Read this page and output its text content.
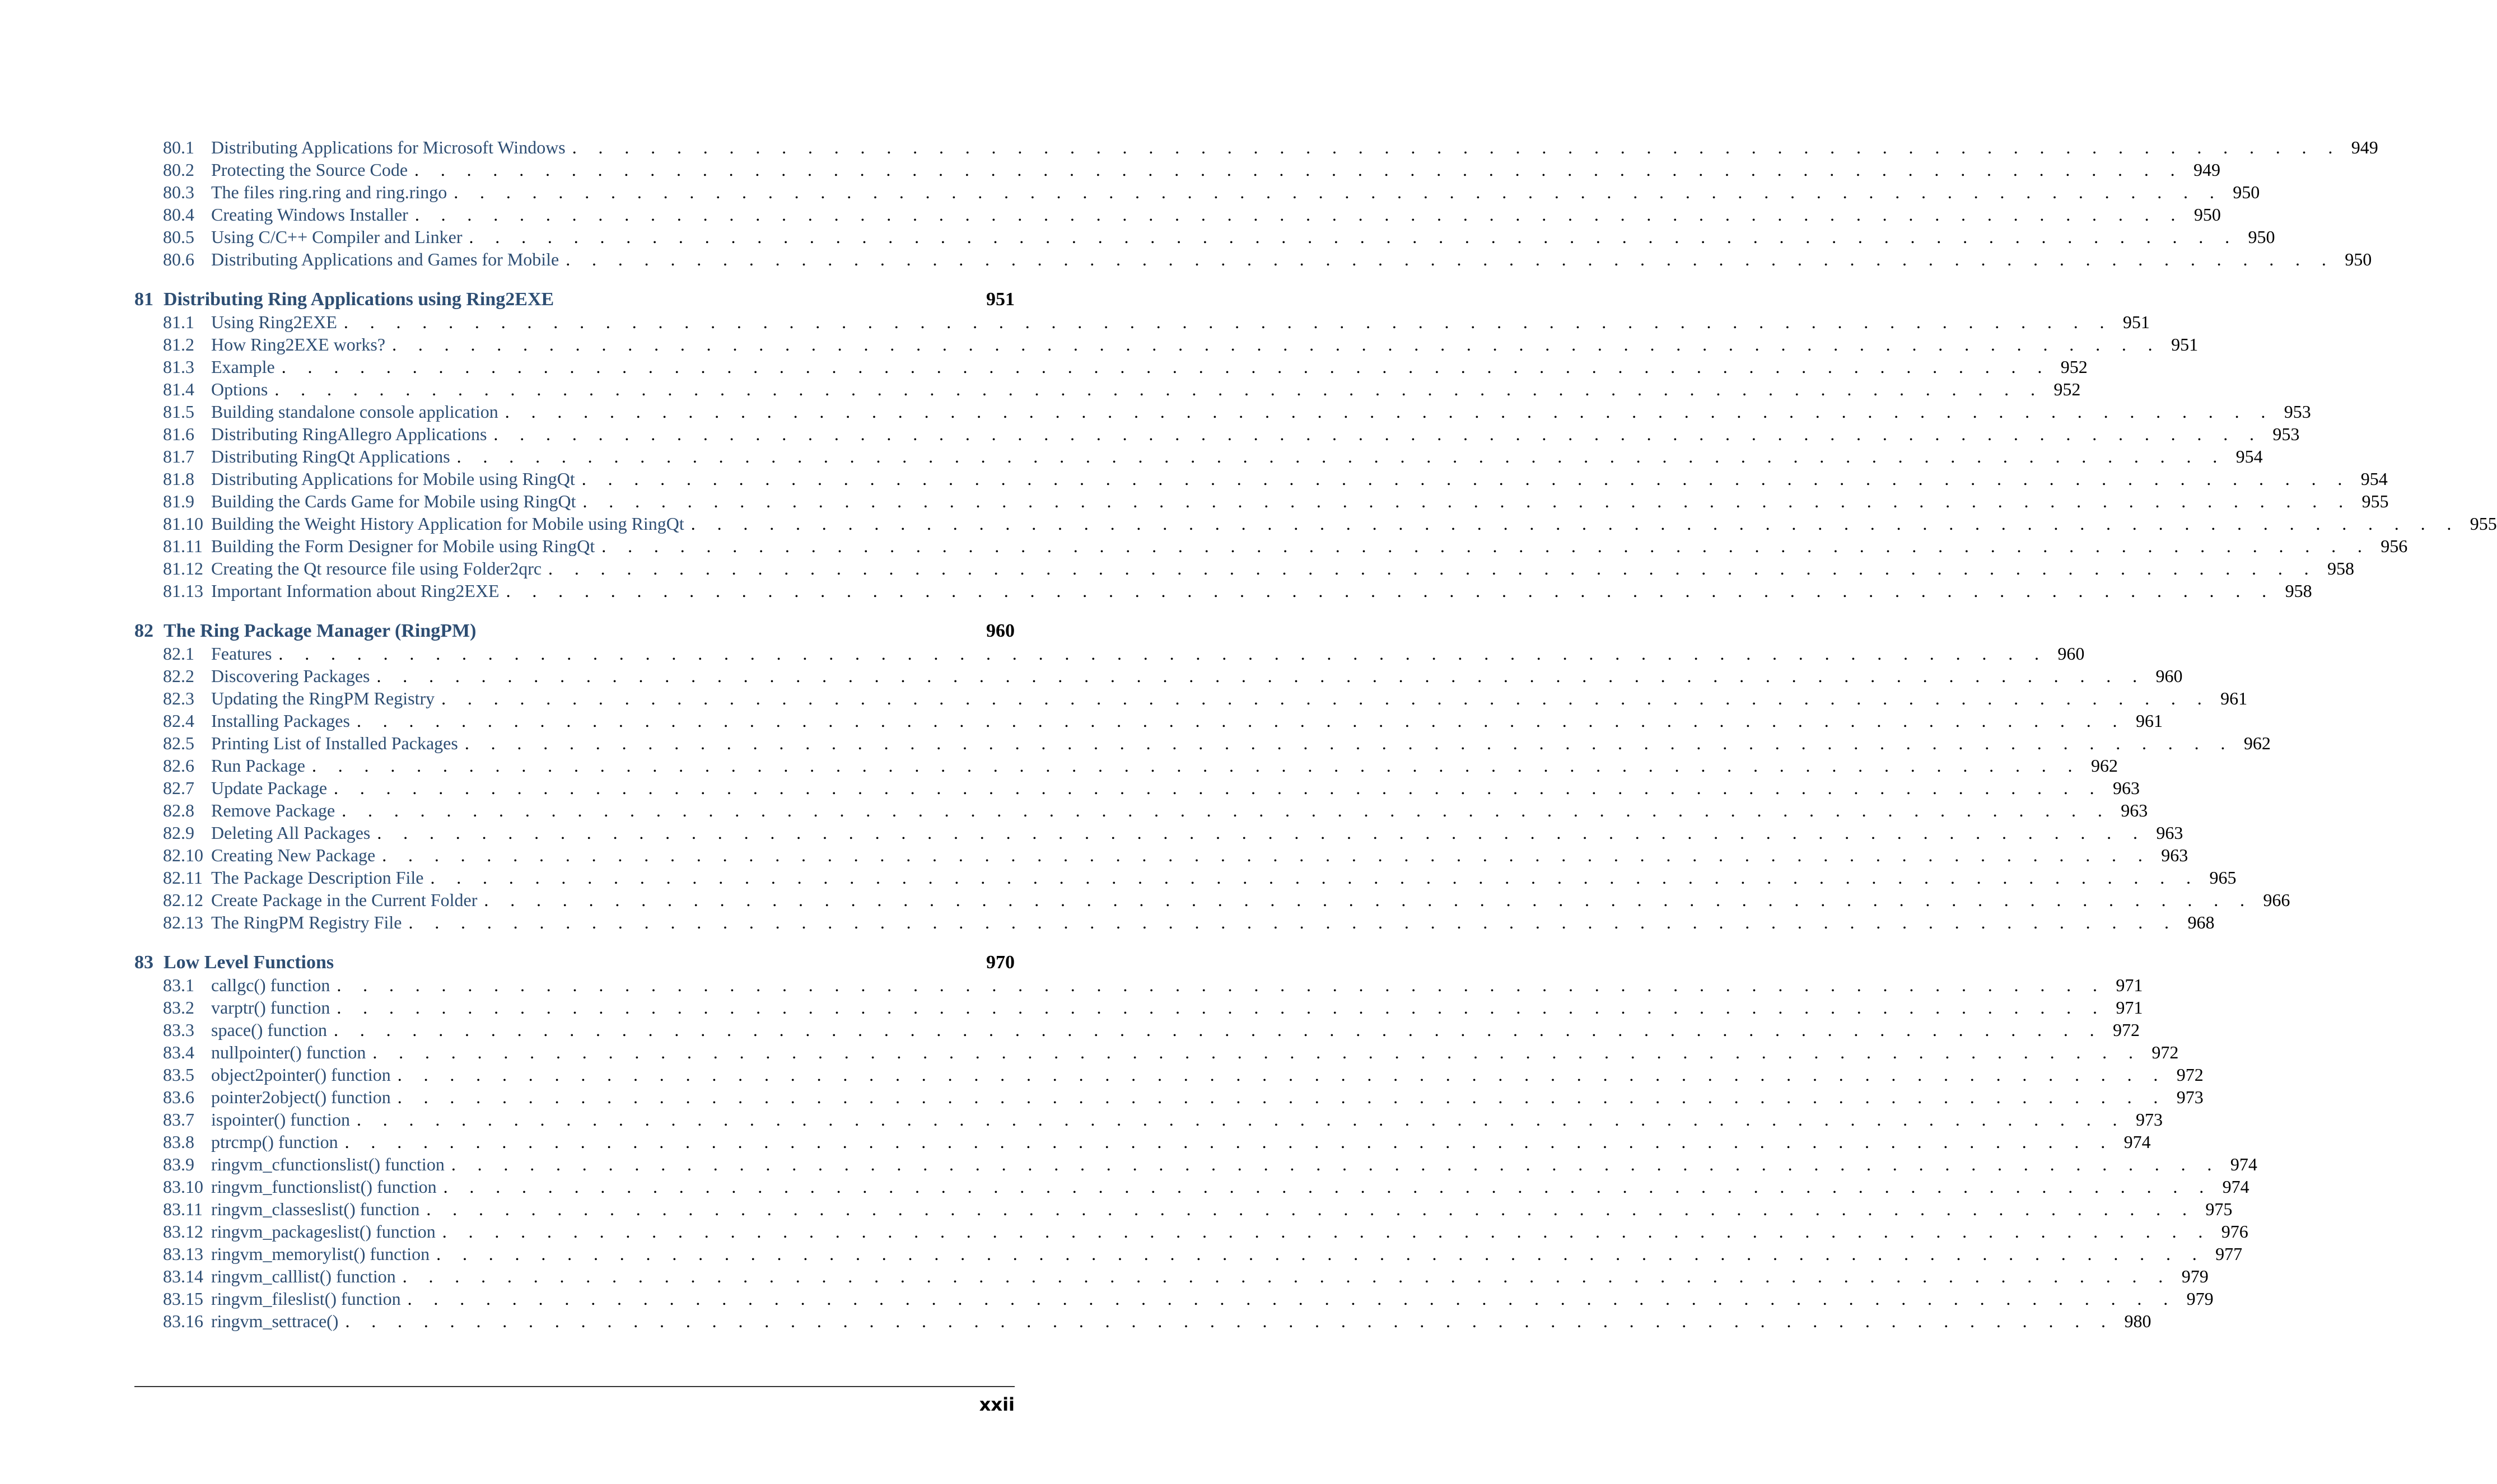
80.1 Distributing Applications for Microsoft Windows . . . . . . . . . . . . . . . . . . . . . . . . . . . . . . . . . . . . . . . . . . . . . . . . . . . . . . . . . . . . . . . . . . . . 949
80.2 Protecting the Source Code . . . . . . . . . . . . . . . . . . . . . . . . . . . . . . . . . . . . . . . . . . . . . . . . . . . . . . . . . . . . . . . . . . . . 949
80.3 The files ring.ring and ring.ringo . . . . . . . . . . . . . . . . . . . . . . . . . . . . . . . . . . . . . . . . . . . . . . . . . . . . . . . . . . . . . . . . . . . . 950
80.4 Creating Windows Installer . . . . . . . . . . . . . . . . . . . . . . . . . . . . . . . . . . . . . . . . . . . . . . . . . . . . . . . . . . . . . . . . . . . . 950
80.5 Using C/C++ Compiler and Linker . . . . . . . . . . . . . . . . . . . . . . . . . . . . . . . . . . . . . . . . . . . . . . . . . . . . . . . . . . . . . . . . . . . . 950
80.6 Distributing Applications and Games for Mobile . . . . . . . . . . . . . . . . . . . . . . . . . . . . . . . . . . . . . . . . . . . . . . . . . . . . . . . . . . . . . . . . . . . . 950
81 Distributing Ring Applications using Ring2EXE	951
81.1 Using Ring2EXE . . . . . . . . . . . . . . . . . . . . . . . . . . . . . . . . . . . . . . . . . . . . . . . . . . . . . . . . . . . . . . . . . . . . 951
81.2 How Ring2EXE works? . . . . . . . . . . . . . . . . . . . . . . . . . . . . . . . . . . . . . . . . . . . . . . . . . . . . . . . . . . . . . . . . . . . . 951
81.3 Example . . . . . . . . . . . . . . . . . . . . . . . . . . . . . . . . . . . . . . . . . . . . . . . . . . . . . . . . . . . . . . . . . . . . 952
81.4 Options . . . . . . . . . . . . . . . . . . . . . . . . . . . . . . . . . . . . . . . . . . . . . . . . . . . . . . . . . . . . . . . . . . . . 952
81.5 Building standalone console application . . . . . . . . . . . . . . . . . . . . . . . . . . . . . . . . . . . . . . . . . . . . . . . . . . . . . . . . . . . . . . . . . . . . 953
81.6 Distributing RingAllegro Applications . . . . . . . . . . . . . . . . . . . . . . . . . . . . . . . . . . . . . . . . . . . . . . . . . . . . . . . . . . . . . . . . . . . . 953
81.7 Distributing RingQt Applications . . . . . . . . . . . . . . . . . . . . . . . . . . . . . . . . . . . . . . . . . . . . . . . . . . . . . . . . . . . . . . . . . . . . 954
81.8 Distributing Applications for Mobile using RingQt . . . . . . . . . . . . . . . . . . . . . . . . . . . . . . . . . . . . . . . . . . . . . . . . . . . . . . . . . . . . . . . . . . . . 954
81.9 Building the Cards Game for Mobile using RingQt . . . . . . . . . . . . . . . . . . . . . . . . . . . . . . . . . . . . . . . . . . . . . . . . . . . . . . . . . . . . . . . . . . . . 955
81.10 Building the Weight History Application for Mobile using RingQt . . . . . . . . . . . . . . . . . . . . . . . . . . . . . . . . . . . . . . . . . . . . . . . . . . . . . . . . . . . . . . . . . . . . 955
81.11 Building the Form Designer for Mobile using RingQt . . . . . . . . . . . . . . . . . . . . . . . . . . . . . . . . . . . . . . . . . . . . . . . . . . . . . . . . . . . . . . . . . . . . 956
81.12 Creating the Qt resource file using Folder2qrc . . . . . . . . . . . . . . . . . . . . . . . . . . . . . . . . . . . . . . . . . . . . . . . . . . . . . . . . . . . . . . . . . . . . 958
81.13 Important Information about Ring2EXE . . . . . . . . . . . . . . . . . . . . . . . . . . . . . . . . . . . . . . . . . . . . . . . . . . . . . . . . . . . . . . . . . . . . 958
82 The Ring Package Manager (RingPM)	960
82.1 Features . . . . . . . . . . . . . . . . . . . . . . . . . . . . . . . . . . . . . . . . . . . . . . . . . . . . . . . . . . . . . . . . . . . . 960
82.2 Discovering Packages . . . . . . . . . . . . . . . . . . . . . . . . . . . . . . . . . . . . . . . . . . . . . . . . . . . . . . . . . . . . . . . . . . . . 960
82.3 Updating the RingPM Registry . . . . . . . . . . . . . . . . . . . . . . . . . . . . . . . . . . . . . . . . . . . . . . . . . . . . . . . . . . . . . . . . . . . . 961
82.4 Installing Packages . . . . . . . . . . . . . . . . . . . . . . . . . . . . . . . . . . . . . . . . . . . . . . . . . . . . . . . . . . . . . . . . . . . . 961
82.5 Printing List of Installed Packages . . . . . . . . . . . . . . . . . . . . . . . . . . . . . . . . . . . . . . . . . . . . . . . . . . . . . . . . . . . . . . . . . . . . 962
82.6 Run Package . . . . . . . . . . . . . . . . . . . . . . . . . . . . . . . . . . . . . . . . . . . . . . . . . . . . . . . . . . . . . . . . . . . . 962
82.7 Update Package . . . . . . . . . . . . . . . . . . . . . . . . . . . . . . . . . . . . . . . . . . . . . . . . . . . . . . . . . . . . . . . . . . . . 963
82.8 Remove Package . . . . . . . . . . . . . . . . . . . . . . . . . . . . . . . . . . . . . . . . . . . . . . . . . . . . . . . . . . . . . . . . . . . . 963
82.9 Deleting All Packages . . . . . . . . . . . . . . . . . . . . . . . . . . . . . . . . . . . . . . . . . . . . . . . . . . . . . . . . . . . . . . . . . . . . 963
82.10 Creating New Package . . . . . . . . . . . . . . . . . . . . . . . . . . . . . . . . . . . . . . . . . . . . . . . . . . . . . . . . . . . . . . . . . . . . 963
82.11 The Package Description File . . . . . . . . . . . . . . . . . . . . . . . . . . . . . . . . . . . . . . . . . . . . . . . . . . . . . . . . . . . . . . . . . . . . 965
82.12 Create Package in the Current Folder . . . . . . . . . . . . . . . . . . . . . . . . . . . . . . . . . . . . . . . . . . . . . . . . . . . . . . . . . . . . . . . . . . . . 966
82.13 The RingPM Registry File . . . . . . . . . . . . . . . . . . . . . . . . . . . . . . . . . . . . . . . . . . . . . . . . . . . . . . . . . . . . . . . . . . . . 968
83 Low Level Functions	970
83.1 callgc() function . . . . . . . . . . . . . . . . . . . . . . . . . . . . . . . . . . . . . . . . . . . . . . . . . . . . . . . . . . . . . . . . . . . . 971
83.2 varptr() function . . . . . . . . . . . . . . . . . . . . . . . . . . . . . . . . . . . . . . . . . . . . . . . . . . . . . . . . . . . . . . . . . . . . 971
83.3 space() function . . . . . . . . . . . . . . . . . . . . . . . . . . . . . . . . . . . . . . . . . . . . . . . . . . . . . . . . . . . . . . . . . . . . 972
83.4 nullpointer() function . . . . . . . . . . . . . . . . . . . . . . . . . . . . . . . . . . . . . . . . . . . . . . . . . . . . . . . . . . . . . . . . . . . . 972
83.5 object2pointer() function . . . . . . . . . . . . . . . . . . . . . . . . . . . . . . . . . . . . . . . . . . . . . . . . . . . . . . . . . . . . . . . . . . . . 972
83.6 pointer2object() function . . . . . . . . . . . . . . . . . . . . . . . . . . . . . . . . . . . . . . . . . . . . . . . . . . . . . . . . . . . . . . . . . . . . 973
83.7 ispointer() function . . . . . . . . . . . . . . . . . . . . . . . . . . . . . . . . . . . . . . . . . . . . . . . . . . . . . . . . . . . . . . . . . . . . 973
83.8 ptrcmp() function . . . . . . . . . . . . . . . . . . . . . . . . . . . . . . . . . . . . . . . . . . . . . . . . . . . . . . . . . . . . . . . . . . . . 974
83.9 ringvm_cfunctionslist() function . . . . . . . . . . . . . . . . . . . . . . . . . . . . . . . . . . . . . . . . . . . . . . . . . . . . . . . . . . . . . . . . . . . . 974
83.10 ringvm_functionslist() function . . . . . . . . . . . . . . . . . . . . . . . . . . . . . . . . . . . . . . . . . . . . . . . . . . . . . . . . . . . . . . . . . . . . 974
83.11 ringvm_classeslist() function . . . . . . . . . . . . . . . . . . . . . . . . . . . . . . . . . . . . . . . . . . . . . . . . . . . . . . . . . . . . . . . . . . . . 975
83.12 ringvm_packageslist() function . . . . . . . . . . . . . . . . . . . . . . . . . . . . . . . . . . . . . . . . . . . . . . . . . . . . . . . . . . . . . . . . . . . . 976
83.13 ringvm_memorylist() function . . . . . . . . . . . . . . . . . . . . . . . . . . . . . . . . . . . . . . . . . . . . . . . . . . . . . . . . . . . . . . . . . . . . 977
83.14 ringvm_calllist() function . . . . . . . . . . . . . . . . . . . . . . . . . . . . . . . . . . . . . . . . . . . . . . . . . . . . . . . . . . . . . . . . . . . . 979
83.15 ringvm_fileslist() function . . . . . . . . . . . . . . . . . . . . . . . . . . . . . . . . . . . . . . . . . . . . . . . . . . . . . . . . . . . . . . . . . . . . 979
83.16 ringvm_settrace() . . . . . . . . . . . . . . . . . . . . . . . . . . . . . . . . . . . . . . . . . . . . . . . . . . . . . . . . . . . . . . . . . . . . 980
xxii
